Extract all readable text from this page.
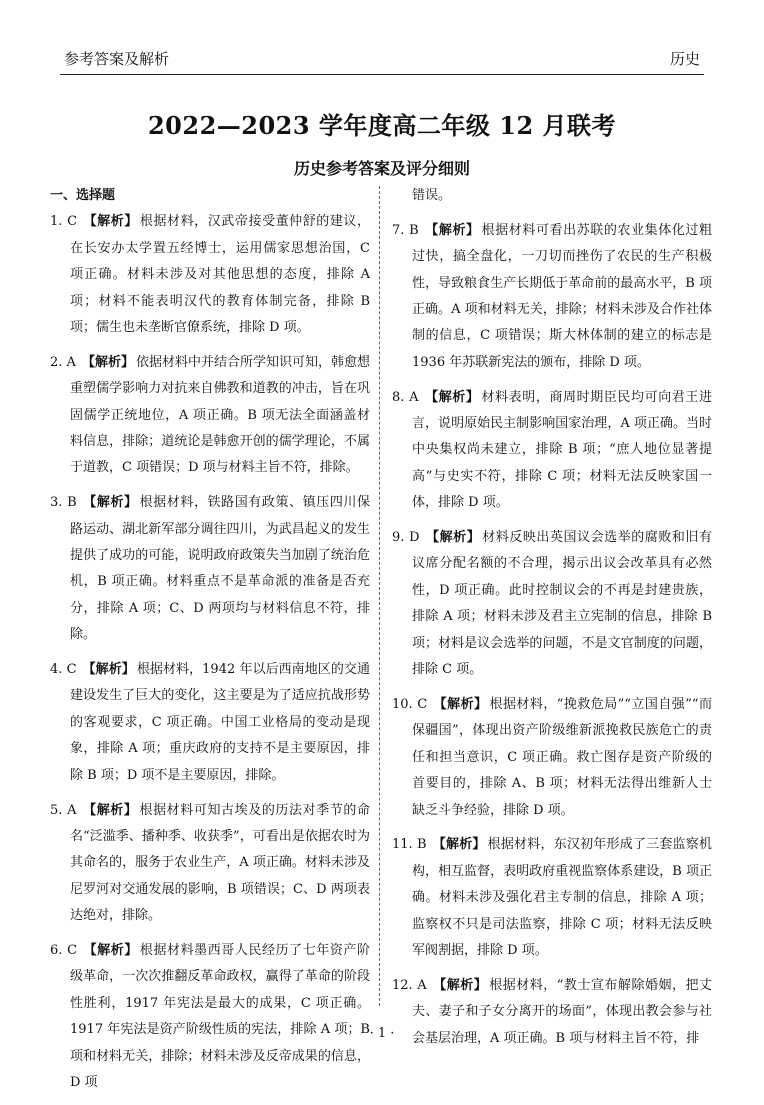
参考答案及解析	历史
2022—2023 学年度高二年级 12 月联考
历史参考答案及评分细则
一、选择题
1. C 【解析】 根据材料，汉武帝接受董仲舒的建议，在长安办太学置五经博士，运用儒家思想治国，C 项正确。材料未涉及对其他思想的态度，排除 A 项；材料不能表明汉代的教育体制完备，排除 B 项；儒生也未垄断官僚系统，排除 D 项。
2. A 【解析】 依据材料中并结合所学知识可知，韩愈想重塑儒学影响力对抗来自佛教和道教的冲击，旨在巩固儒学正统地位，A 项正确。B 项无法全面涵盖材料信息，排除；道统论是韩愈开创的儒学理论，不属于道教，C 项错误；D 项与材料主旨不符，排除。
3. B 【解析】 根据材料，铁路国有政策、镇压四川保路运动、湖北新军部分调往四川，为武昌起义的发生提供了成功的可能，说明政府政策失当加剧了统治危机，B 项正确。材料重点不是革命派的准备是否充分，排除 A 项；C、D 两项均与材料信息不符，排除。
4. C 【解析】 根据材料，1942 年以后西南地区的交通建设发生了巨大的变化，这主要是为了适应抗战形势的客观要求，C 项正确。中国工业格局的变动是现象，排除 A 项；重庆政府的支持不是主要原因，排除 B 项；D 项不是主要原因，排除。
5. A 【解析】 根据材料可知古埃及的历法对季节的命名“泛滥季、播种季、收获季”，可看出是依据农时为其命名的，服务于农业生产，A 项正确。材料未涉及尼罗河对交通发展的影响，B 项错误；C、D 两项表达绝对，排除。
6. C 【解析】 根据材料墨西哥人民经历了七年资产阶级革命，一次次推翻反革命政权，赢得了革命的阶段性胜利，1917 年宪法是最大的成果，C 项正确。1917 年宪法是资产阶级性质的宪法，排除 A 项；B 项和材料无关，排除；材料未涉及反帝成果的信息，D 项
错误。
7. B 【解析】 根据材料可看出苏联的农业集体化过粗过快，搞全盘化，一刀切而挫伤了农民的生产积极性，导致粮食生产长期低于革命前的最高水平，B 项正确。A 项和材料无关，排除；材料未涉及合作社体制的信息，C 项错误；斯大林体制的建立的标志是 1936 年苏联新宪法的颁布，排除 D 项。
8. A 【解析】 材料表明，商周时期臣民均可向君王进言，说明原始民主制影响国家治理，A 项正确。当时中央集权尚未建立，排除 B 项；“庶人地位显著提高”与史实不符，排除 C 项；材料无法反映家国一体，排除 D 项。
9. D 【解析】 材料反映出英国议会选举的腐败和旧有议席分配名额的不合理，揭示出议会改革具有必然性，D 项正确。此时控制议会的不再是封建贵族，排除 A 项；材料未涉及君主立宪制的信息，排除 B 项；材料是议会选举的问题，不是文官制度的问题，排除 C 项。
10. C 【解析】 根据材料，“挽救危局”“立国自强”“而保疆国”，体现出资产阶级维新派挽救民族危亡的责任和担当意识，C 项正确。救亡图存是资产阶级的首要目的，排除 A、B 项；材料无法得出维新人士缺乏斗争经验，排除 D 项。
11. B 【解析】 根据材料，东汉初年形成了三套监察机构，相互监督，表明政府重视监察体系建设，B 项正确。材料未涉及强化君主专制的信息，排除 A 项；监察权不只是司法监察，排除 C 项；材料无法反映军阀割据，排除 D 项。
12. A 【解析】 根据材料，“教士宣布解除婚姻，把丈夫、妻子和子女分离开的场面”，体现出教会参与社会基层治理，A 项正确。B 项与材料主旨不符，排
· 1 ·
